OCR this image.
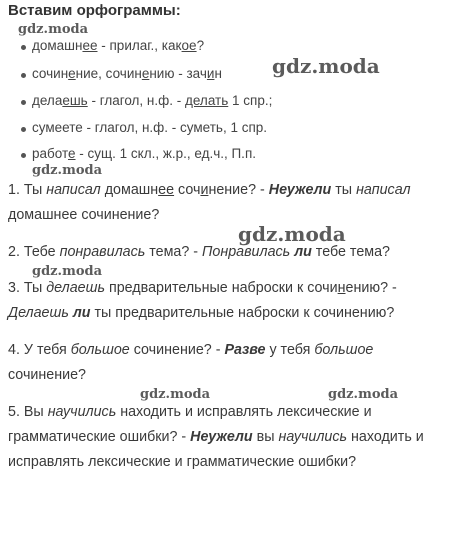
Вставим орфограммы:
домашнее - прилаг., какое?
сочинение, сочинению - зачин
делаешь - глагол, н.ф. - делать 1 спр.;
сумеете - глагол, н.ф. - суметь, 1 спр.
работе - сущ. 1 скл., ж.р., ед.ч., П.п.

1. Ты написал домашнее сочинение? - Неужели ты написал домашнее сочинение?

2. Тебе понравилась тема? - Понравилась ли тебе тема?

3. Ты делаешь предварительные наброски к сочинению? - Делаешь ли ты предварительные наброски к сочинению?

4. У тебя большое сочинение? - Разве у тебя большое сочинение?

5. Вы научились находить и исправлять лексические и грамматические ошибки? - Неужели вы научились находить и исправлять лексические и грамматические ошибки?

gdz.moda
gdz.moda
gdz.moda
gdz.moda
gdz.moda
gdz.moda	gdz.moda
